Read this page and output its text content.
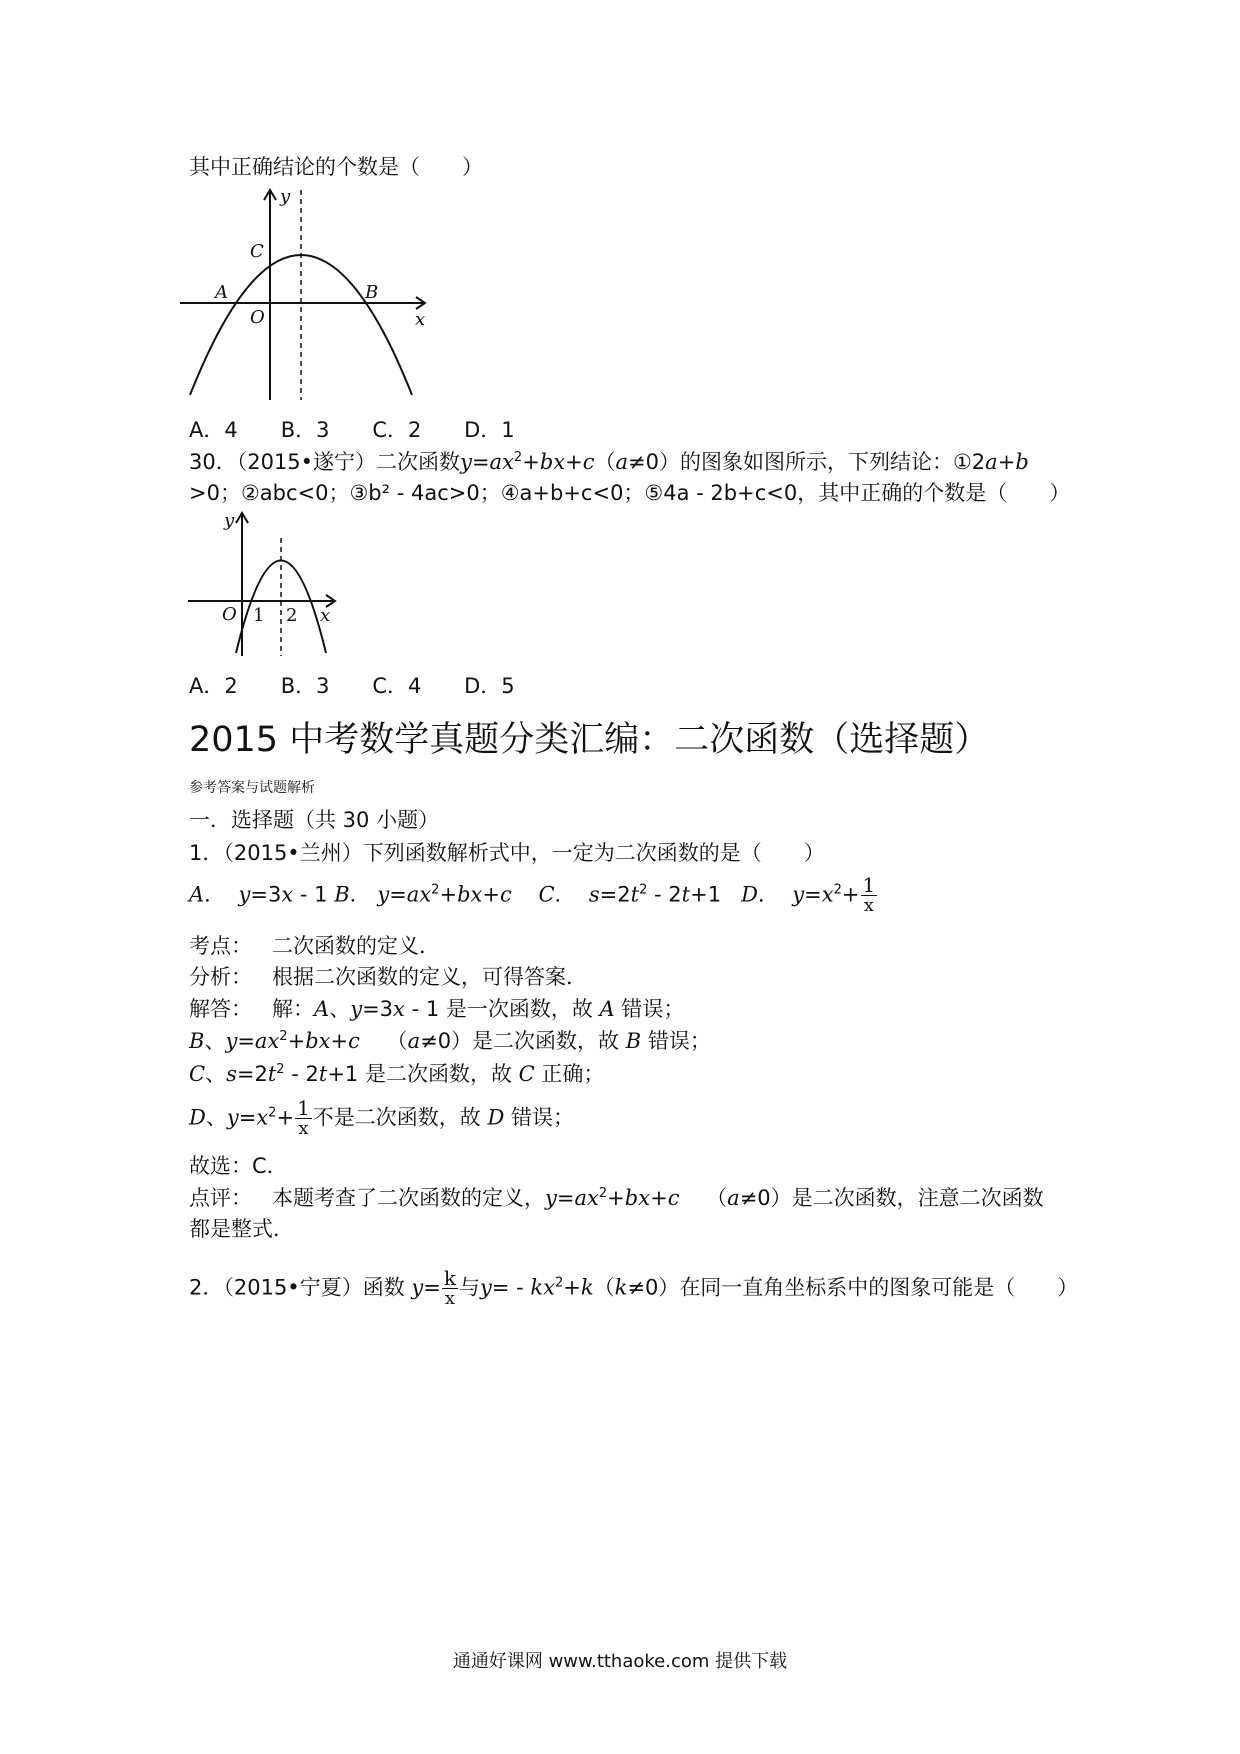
其中正确结论的个数是（　　）
y
x
C
A
O
B
A．4　 B．3　 C．2　 D．1
30．（2015•遂宁）二次函数$y=ax^2+bx+c(a\ne 0)$的图象如图所示，下列结论：①2a+b
>0；②abc<0；③b² - 4ac>0；④a+b+c<0；⑤4a - 2b+c<0，其中正确的个数是（　　）
y
x
O 1 2
A．2　 B．3　 C．4　 D．5
2015 中考数学真题分类汇编：二次函数（选择题）
参考答案与试题解析
一．选择题（共 30 小题）
1．（2015•兰州）下列函数解析式中，一定为二次函数的是（　　）
A．  y=3x - 1 B． $y=ax^2+bx+c$ C．  $s=2t^2 - 2t+1$   D．  $y=x^2+ \frac{1}{x}$
考点： 二次函数的定义．
分析： 根据二次函数的定义，可得答案．
解答：   解：A、y=3x - 1 是一次函数，故 A 错误；
B、$y=ax^2+bx+c$    （a≠0）是二次函数，故 B 错误；
C、$s=2t^2 - 2t+1$ 是二次函数，故 C 正确；
D、$y=x^2+ \frac{1}{x}$ 不是二次函数，故 D 错误；
故选：C．
点评：   本题考查了二次函数的定义，$y=ax^2+bx+c$    （a≠0）是二次函数，注意二次函数
都是整式．
2．（2015•宁夏）函数 $y= \frac{k}{x}$ 与$y= - kx^2+k(k\ne 0)$在同一直角坐标系中的图象可能是（　　）
通通好课网 www.tthaoke.com 提供下载
